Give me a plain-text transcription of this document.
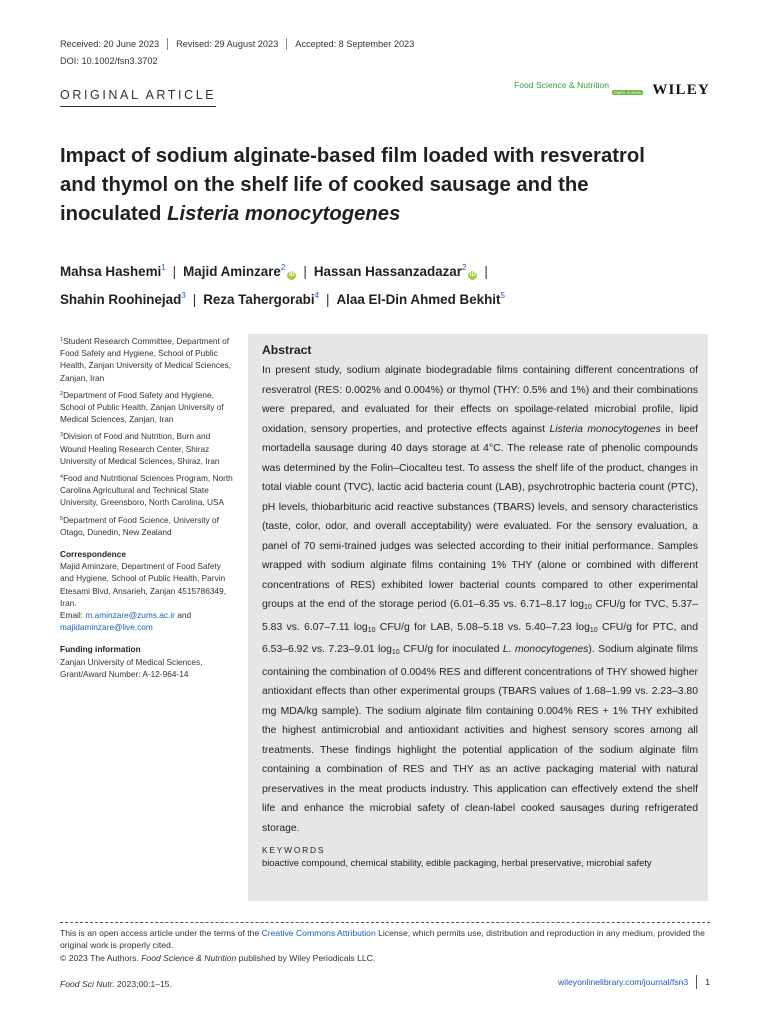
Received: 20 June 2023	Revised: 29 August 2023	Accepted: 8 September 2023
DOI: 10.1002/fsn3.3702
ORIGINAL ARTICLE
Food Science & Nutrition
Open Access WILEY
Impact of sodium alginate-based film loaded with resveratrol
and thymol on the shelf life of cooked sausage and the
inoculated Listeria monocytogenes
Mahsa Hashemi$^1$ | Majid Aminzare$^2$iD | Hassan Hassanzadazar$^2$iD |
Shahin Roohinejad$^3$ | Reza Tahergorabi$^4$ | Alaa El-Din Ahmed Bekhit$^5$
$^1$Student Research Committee, Department of Food Safety and Hygiene, School of Public Health, Zanjan University of Medical Sciences, Zanjan, Iran
$^2$Department of Food Safety and Hygiene, School of Public Health, Zanjan University of Medical Sciences, Zanjan, Iran
$^3$Division of Food and Nutrition, Burn and Wound Healing Research Center, Shiraz University of Medical Sciences, Shiraz, Iran
$^4$Food and Nutritional Sciences Program, North Carolina Agricultural and Technical State University, Greensboro, North Carolina, USA
$^5$Department of Food Science, University of Otago, Dunedin, New Zealand
Correspondence
Majid Aminzare, Department of Food Safety and Hygiene, School of Public Health, Parvin Etesami Blvd, Ansarieh, Zanjan 4515786349, Iran.
Email: m.aminzare@zums.ac.ir and
majidaminzare@live.com
Funding information
Zanjan University of Medical Sciences, Grant/Award Number: A-12-964-14
Abstract
In present study, sodium alginate biodegradable films containing different concentrations of resveratrol (RES: 0.002% and 0.004%) or thymol (THY: 0.5% and 1%) and their combinations were prepared, and evaluated for their effects on spoilage-related microbial profile, lipid oxidation, sensory properties, and protective effects against Listeria monocytogenes in beef mortadella sausage during 40 days storage at 4°C. The release rate of phenolic compounds was determined by the Folin–Ciocalteu test. To assess the shelf life of the product, changes in total viable count (TVC), lactic acid bacteria count (LAB), psychrotrophic bacteria count (PTC), pH levels, thiobarbituric acid reactive substances (TBARS) levels, and sensory characteristics (taste, color, odor, and overall acceptability) were evaluated. For the sensory evaluation, a panel of 70 semi-trained judges was selected according to their initial performance. Samples wrapped with sodium alginate films containing 1% THY (alone or combined with different concentrations of RES) exhibited lower bacterial counts compared to other experimental groups at the end of the storage period (6.01–6.35 vs. 6.71–8.17 $\log_{10} CFU/g$ for TVC, 5.37–5.83 vs. 6.07–7.11 $\log_{10} CFU/g$ for LAB, 5.08–5.18 vs. 5.40–7.23 $\log_{10} CFU/g$ for PTC, and 6.53–6.92 vs. 7.23–9.01 $\log_{10} CFU/g$ for inoculated L. monocytogenes). Sodium alginate films containing the combination of 0.004% RES and different concentrations of THY showed higher antioxidant effects than other experimental groups (TBARS values of 1.68–1.99 vs. 2.23–3.80 mg MDA/kg sample). The sodium alginate film containing 0.004% RES + 1% THY exhibited the highest antimicrobial and antioxidant activities and highest sensory scores among all treatments. These findings highlight the potential application of the sodium alginate film containing a combination of RES and THY as an active packaging material with natural preservatives in the meat products industry. This application can effectively extend the shelf life and enhance the microbial safety of clean-label cooked sausages during refrigerated storage.
KEYWORDS
bioactive compound, chemical stability, edible packaging, herbal preservative, microbial safety
This is an open access article under the terms of the Creative Commons Attribution License, which permits use, distribution and reproduction in any medium, provided the original work is properly cited.
© 2023 The Authors. Food Science & Nutrition published by Wiley Periodicals LLC.
Food Sci Nutr. 2023;00:1–15.	wileyonlinelibrary.com/journal/fsn3	1
